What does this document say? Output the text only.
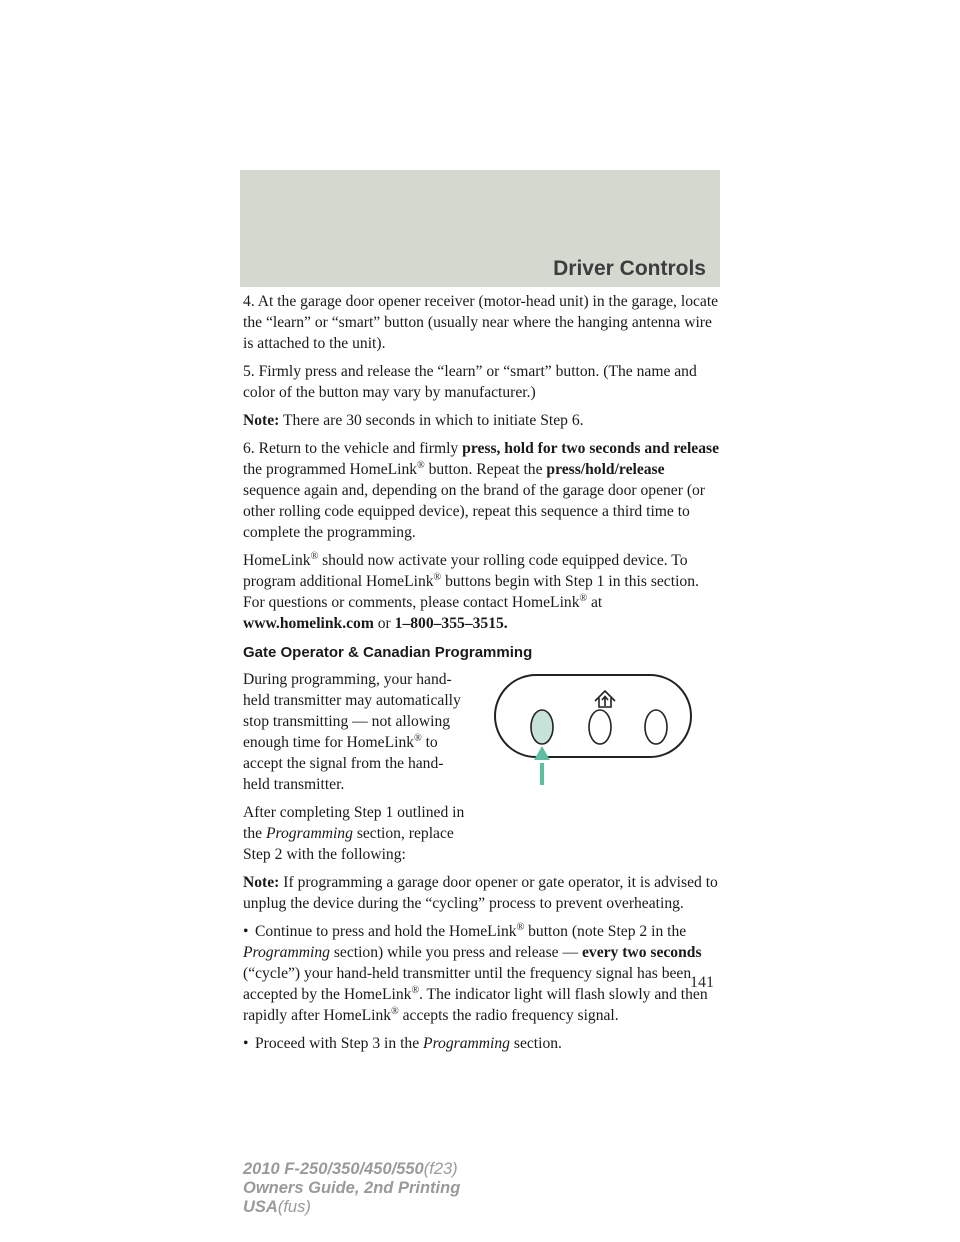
Driver Controls

4. At the garage door opener receiver (motor-head unit) in the garage, locate the “learn” or “smart” button (usually near where the hanging antenna wire is attached to the unit).

5. Firmly press and release the “learn” or “smart” button. (The name and color of the button may vary by manufacturer.)

Note: There are 30 seconds in which to initiate Step 6.

6. Return to the vehicle and firmly press, hold for two seconds and release the programmed HomeLink® button. Repeat the press/hold/release sequence again and, depending on the brand of the garage door opener (or other rolling code equipped device), repeat this sequence a third time to complete the programming.

HomeLink® should now activate your rolling code equipped device. To program additional HomeLink® buttons begin with Step 1 in this section. For questions or comments, please contact HomeLink® at www.homelink.com or 1–800–355–3515.

Gate Operator & Canadian Programming

During programming, your hand-held transmitter may automatically stop transmitting — not allowing enough time for HomeLink® to accept the signal from the hand-held transmitter.

After completing Step 1 outlined in the Programming section, replace Step 2 with the following:

Note: If programming a garage door opener or gate operator, it is advised to unplug the device during the “cycling” process to prevent overheating.

• Continue to press and hold the HomeLink® button (note Step 2 in the Programming section) while you press and release — every two seconds (“cycle”) your hand-held transmitter until the frequency signal has been accepted by the HomeLink®. The indicator light will flash slowly and then rapidly after HomeLink® accepts the radio frequency signal.
• Proceed with Step 3 in the Programming section.
141
2010 F-250/350/450/550(f23)
Owners Guide, 2nd Printing
USA(fus)
